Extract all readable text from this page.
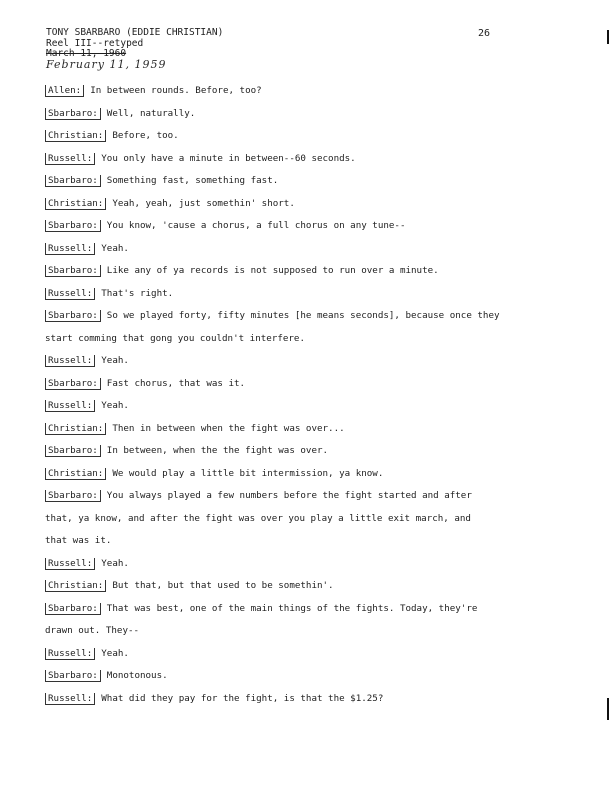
TONY SBARBARO (EDDIE CHRISTIAN)	26
Reel III--retyped
March 11, 1960
February 11, 1959
Allen: In between rounds. Before, too?
Sbarbaro: Well, naturally.
Christian: Before, too.
Russell: You only have a minute in between--60 seconds.
Sbarbaro: Something fast, something fast.
Christian: Yeah, yeah, just somethin' short.
Sbarbaro: You know, 'cause a chorus, a full chorus on any tune--
Russell: Yeah.
Sbarbaro: Like any of ya records is not supposed to run over a minute.
Russell: That's right.
Sbarbaro: So we played forty, fifty minutes [he means seconds], because once they
start comming that gong you couldn't interfere.
Russell: Yeah.
Sbarbaro: Fast chorus, that was it.
Russell: Yeah.
Christian: Then in between when the fight was over...
Sbarbaro: In between, when the the fight was over.
Christian: We would play a little bit intermission, ya know.
Sbarbaro: You always played a few numbers before the fight started and after
that, ya know, and after the fight was over you play a little exit march, and
that was it.
Russell: Yeah.
Christian: But that, but that used to be somethin'.
Sbarbaro: That was best, one of the main things of the fights. Today, they're
drawn out. They--
Russell: Yeah.
Sbarbaro: Monotonous.
Russell: What did they pay for the fight, is that the $1.25?
